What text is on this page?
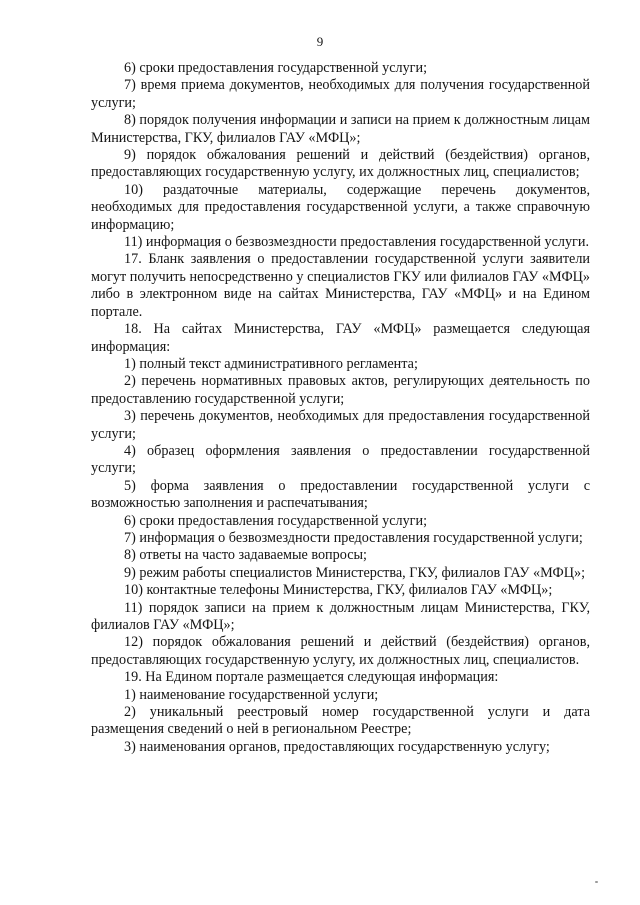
9

6) сроки предоставления государственной услуги;

7) время приема документов, необходимых для получения государственной услуги;

8) порядок получения информации и записи на прием к должностным лицам Министерства, ГКУ, филиалов ГАУ «МФЦ»;

9) порядок обжалования решений и действий (бездействия) органов, предоставляющих государственную услугу, их должностных лиц, специалистов;

10) раздаточные материалы, содержащие перечень документов, необходимых для предоставления государственной услуги, а также справочную информацию;

11) информация о безвозмездности предоставления государственной услуги.

17. Бланк заявления о предоставлении государственной услуги заявители могут получить непосредственно у специалистов ГКУ или филиалов ГАУ «МФЦ» либо в электронном виде на сайтах Министерства, ГАУ «МФЦ» и на Едином портале.

18. На сайтах Министерства, ГАУ «МФЦ» размещается следующая информация:

1) полный текст административного регламента;

2) перечень нормативных правовых актов, регулирующих деятельность по предоставлению государственной услуги;

3) перечень документов, необходимых для предоставления государственной услуги;

4) образец оформления заявления о предоставлении государственной услуги;

5) форма заявления о предоставлении государственной услуги с возможностью заполнения и распечатывания;

6) сроки предоставления государственной услуги;

7) информация о безвозмездности предоставления государственной услуги;

8) ответы на часто задаваемые вопросы;

9) режим работы специалистов Министерства, ГКУ, филиалов ГАУ «МФЦ»;

10) контактные телефоны Министерства, ГКУ, филиалов ГАУ «МФЦ»;

11) порядок записи на прием к должностным лицам Министерства, ГКУ, филиалов ГАУ «МФЦ»;

12) порядок обжалования решений и действий (бездействия) органов, предоставляющих государственную услугу, их должностных лиц, специалистов.

19. На Едином портале размещается следующая информация:

1) наименование государственной услуги;

2) уникальный реестровый номер государственной услуги и дата размещения сведений о ней в региональном Реестре;

3) наименования органов, предоставляющих государственную услугу;
